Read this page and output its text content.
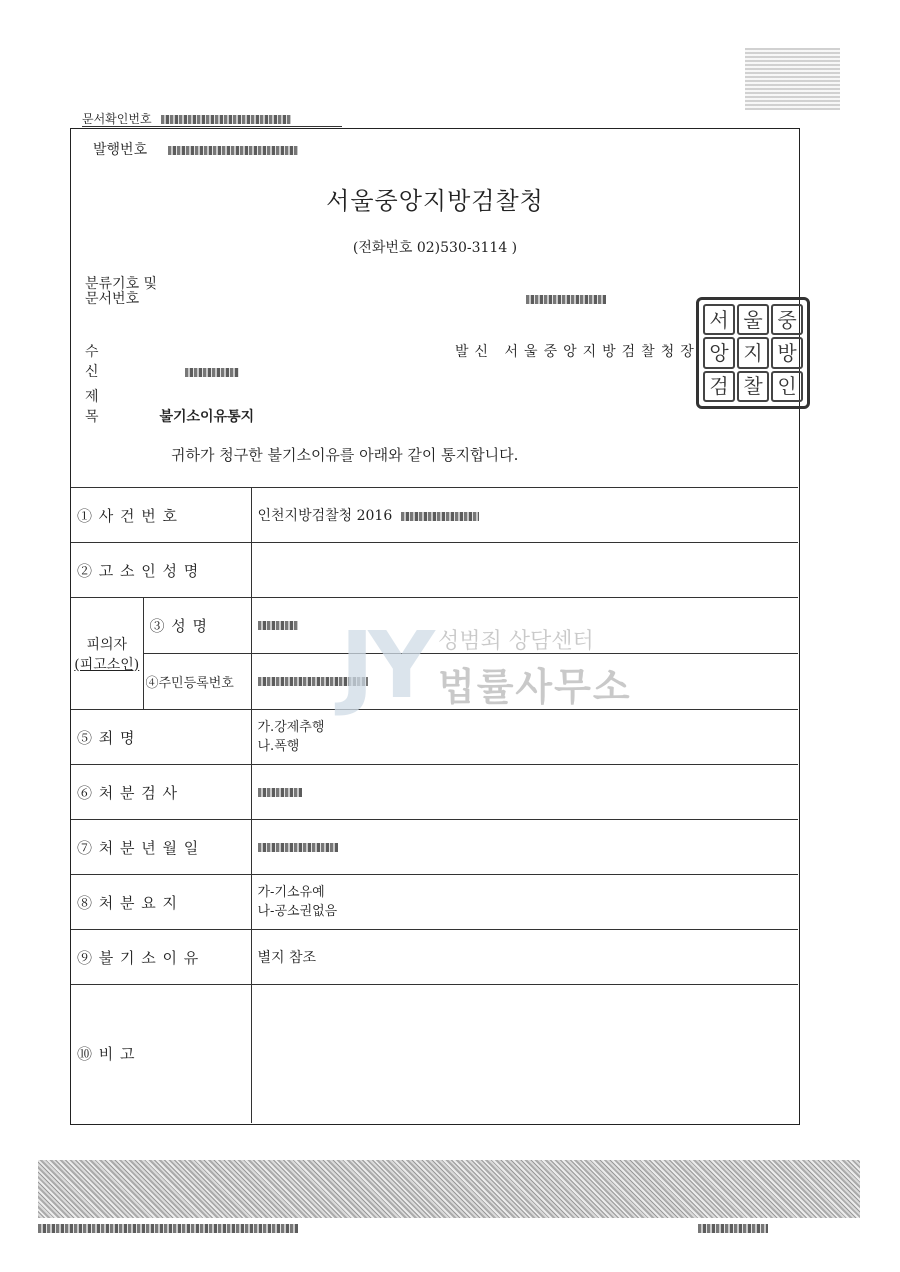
문서확인번호
발행번호
서울중앙지방검찰청
(전화번호 02)530-3114 )
분류기호 및
문서번호
수 신
발신 서울중앙지방검찰청장
서 울 중
앙 지 방
검 찰 인
제 목 불기소이유통지
귀하가 청구한 불기소이유를 아래와 같이 통지합니다.
① 사 건 번 호		인천지방검찰청 2016

② 고 소 인 성 명		

피의자
(피고소인)	③ 성 명	

	④주민등록번호	

⑤ 죄 명		가.강제추행
나.폭행

⑥ 처 분 검 사		

⑦ 처 분 년 월 일		

⑧ 처 분 요 지		가-기소유예
나-공소권없음

⑨ 불 기 소 이 유		별지 참조

⑩ 비 고		

JY 성범죄 상담센터
법률사무소
